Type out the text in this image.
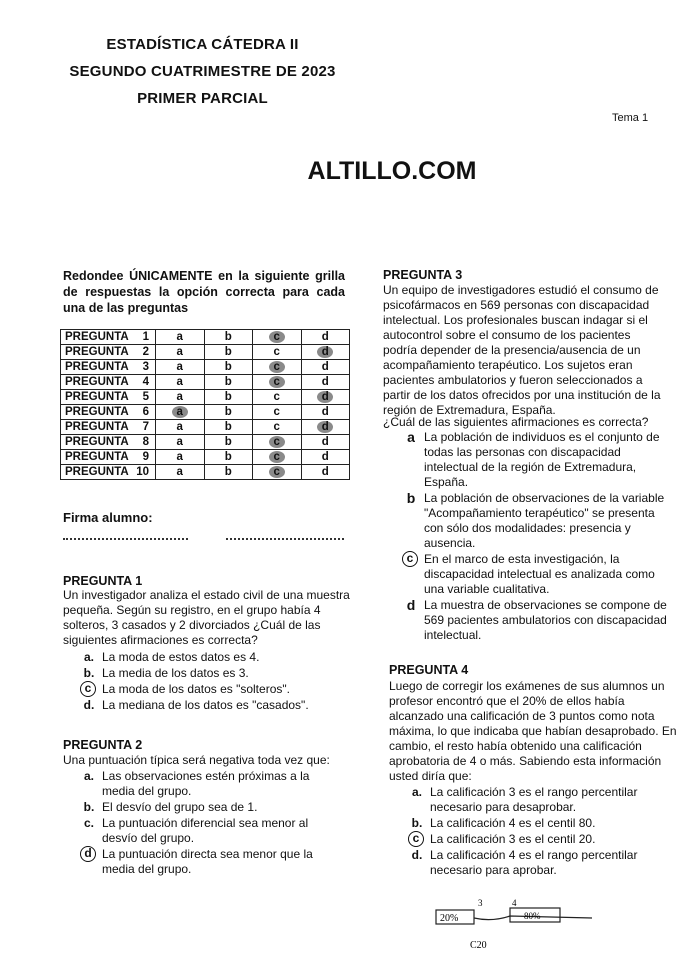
ESTADÍSTICA CÁTEDRA II
SEGUNDO CUATRIMESTRE DE 2023
PRIMER PARCIAL
Tema 1
ALTILLO.COM
Redondee ÚNICAMENTE en la siguiente grilla de respuestas la opción correcta para cada una de las preguntas
PREGUNTA 1	a	b	c	d
PREGUNTA 2	a	b	c	d
PREGUNTA 3	a	b	c	d
PREGUNTA 4	a	b	c	d
PREGUNTA 5	a	b	c	d
PREGUNTA 6	a	b	c	d
PREGUNTA 7	a	b	c	d
PREGUNTA 8	a	b	c	d
PREGUNTA 9	a	b	c	d
PREGUNTA 10	a	b	c	d
Firma alumno:
PREGUNTA 1
Un investigador analiza el estado civil de una muestra pequeña. Según su registro, en el grupo había 4 solteros, 3 casados y 2 divorciados ¿Cuál de las siguientes afirmaciones es correcta?
a. La moda de estos datos es 4.
b. La media de los datos es 3.
c La moda de los datos es "solteros".
d. La mediana de los datos es "casados".
PREGUNTA 2
Una puntuación típica será negativa toda vez que:
a. Las observaciones estén próximas a la media del grupo.
b. El desvío del grupo sea de 1.
c. La puntuación diferencial sea menor al desvío del grupo.
d La puntuación directa sea menor que la media del grupo.
PREGUNTA 3
Un equipo de investigadores estudió el consumo de psicofármacos en 569 personas con discapacidad intelectual. Los profesionales buscan indagar si el autocontrol sobre el consumo de los pacientes podría depender de la presencia/ausencia de un acompañamiento terapéutico. Los sujetos eran pacientes ambulatorios y fueron seleccionados a partir de los datos ofrecidos por una institución de la región de Extremadura, España.
¿Cuál de las siguientes afirmaciones es correcta?
a La población de individuos es el conjunto de todas las personas con discapacidad intelectual de la región de Extremadura, España.
b La población de observaciones de la variable "Acompañamiento terapéutico" se presenta con sólo dos modalidades: presencia y ausencia.
c En el marco de esta investigación, la discapacidad intelectual es analizada como una variable cualitativa.
d La muestra de observaciones se compone de 569 pacientes ambulatorios con discapacidad intelectual.
PREGUNTA 4
Luego de corregir los exámenes de sus alumnos un profesor encontró que el 20% de ellos había alcanzado una calificación de 3 puntos como nota máxima, lo que indicaba que habían desaprobado. En cambio, el resto había obtenido una calificación aprobatoria de 4 o más. Sabiendo esta información usted diría que:
a. La calificación 3 es el rango percentilar necesario para desaprobar.
b. La calificación 4 es el centil 80.
c La calificación 3 es el centil 20.
d. La calificación 4 es el rango percentilar necesario para aprobar.
20%
3	4
80%
C20
